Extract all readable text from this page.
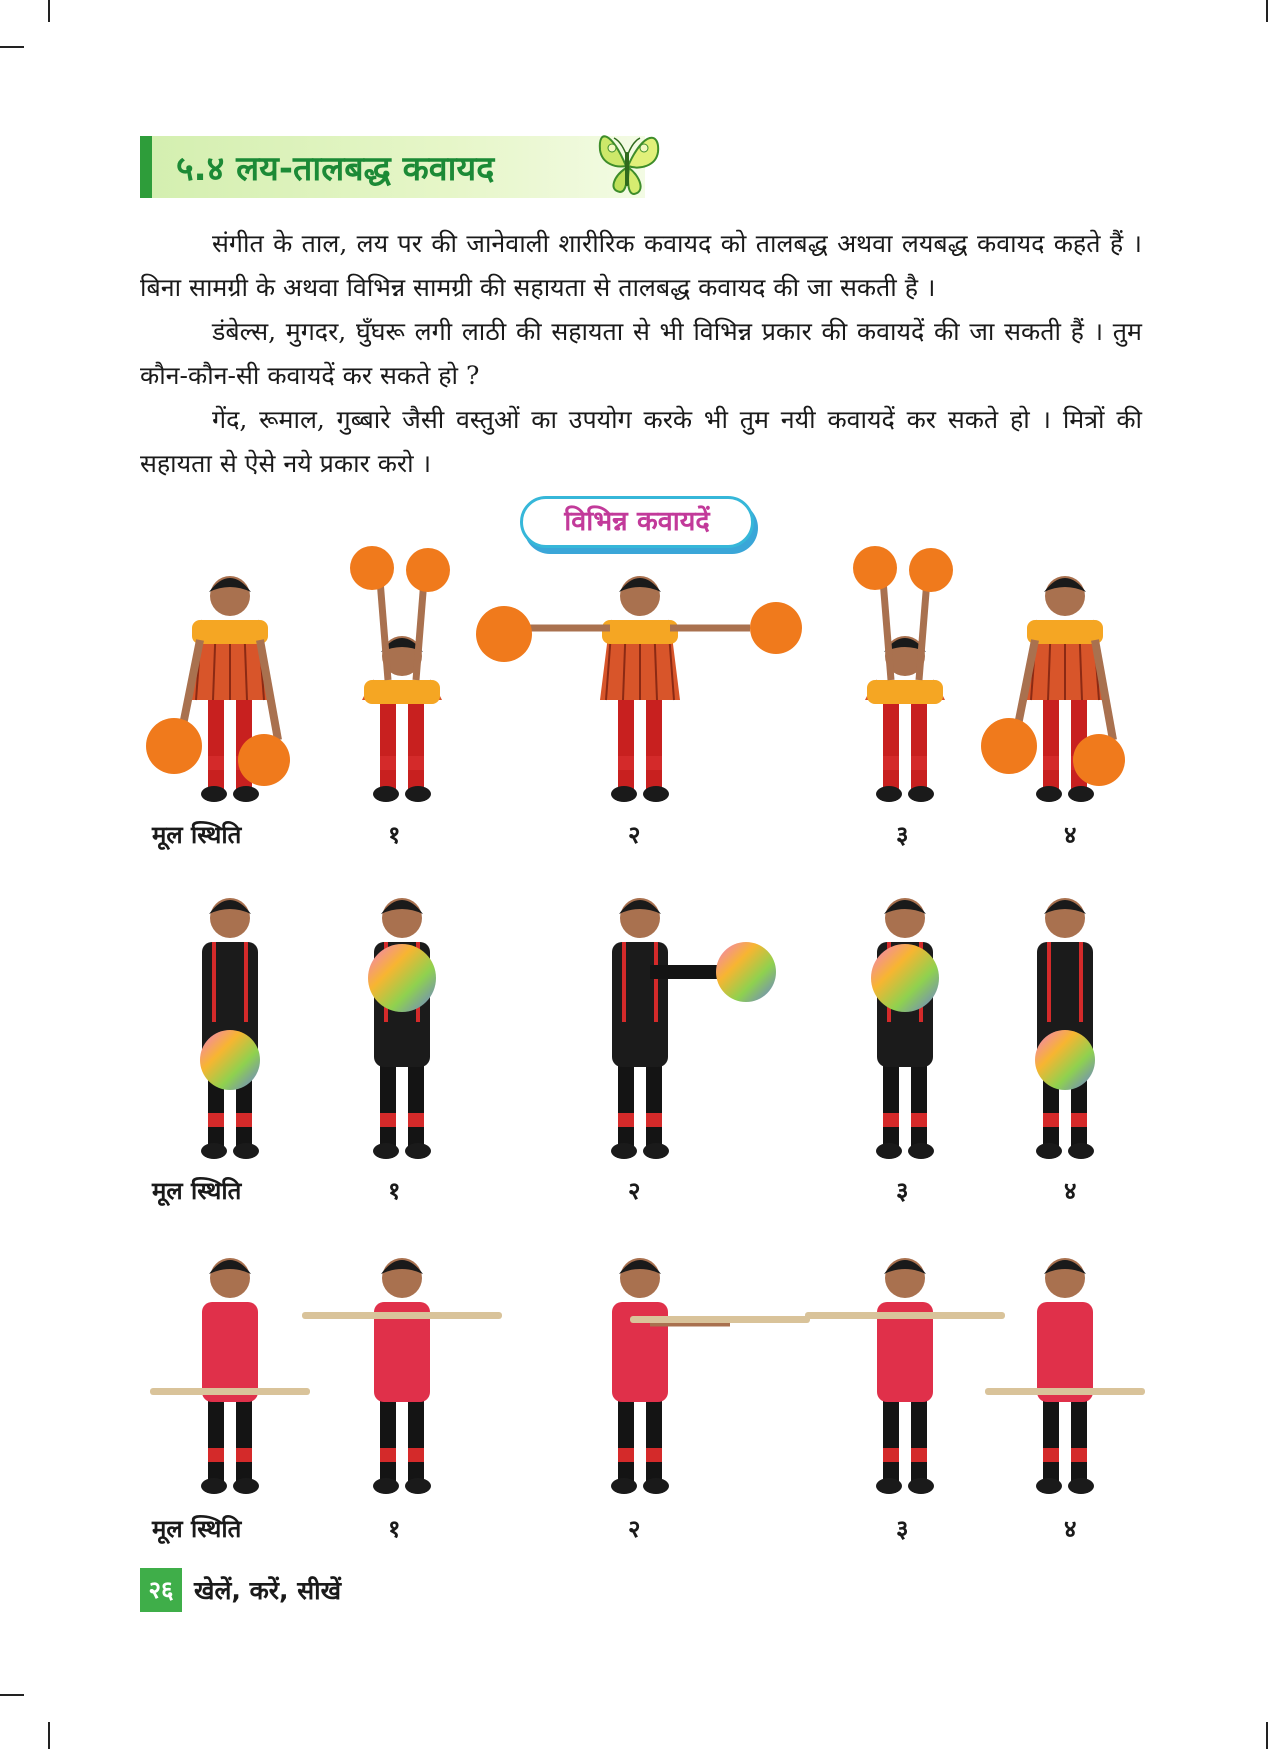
५.४ लय-तालबद्ध कवायद
संगीत के ताल, लय पर की जानेवाली शारीरिक कवायद को तालबद्ध अथवा लयबद्ध कवायद कहते हैं । बिना सामग्री के अथवा विभिन्न सामग्री की सहायता से तालबद्ध कवायद की जा सकती है ।
डंबेल्स, मुगदर, घुँघरू लगी लाठी की सहायता से भी विभिन्न प्रकार की कवायदें की जा सकती हैं । तुम कौन-कौन-सी कवायदें कर सकते हो ?
गेंद, रूमाल, गुब्बारे जैसी वस्तुओं का उपयोग करके भी तुम नयी कवायदें कर सकते हो । मित्रों की सहायता से ऐसे नये प्रकार करो ।
विभिन्न कवायदें
मूल स्थिति	१	२	३	४
मूल स्थिति	१	२	३	४
मूल स्थिति	१	२	३	४
२६ खेलें, करें, सीखें
